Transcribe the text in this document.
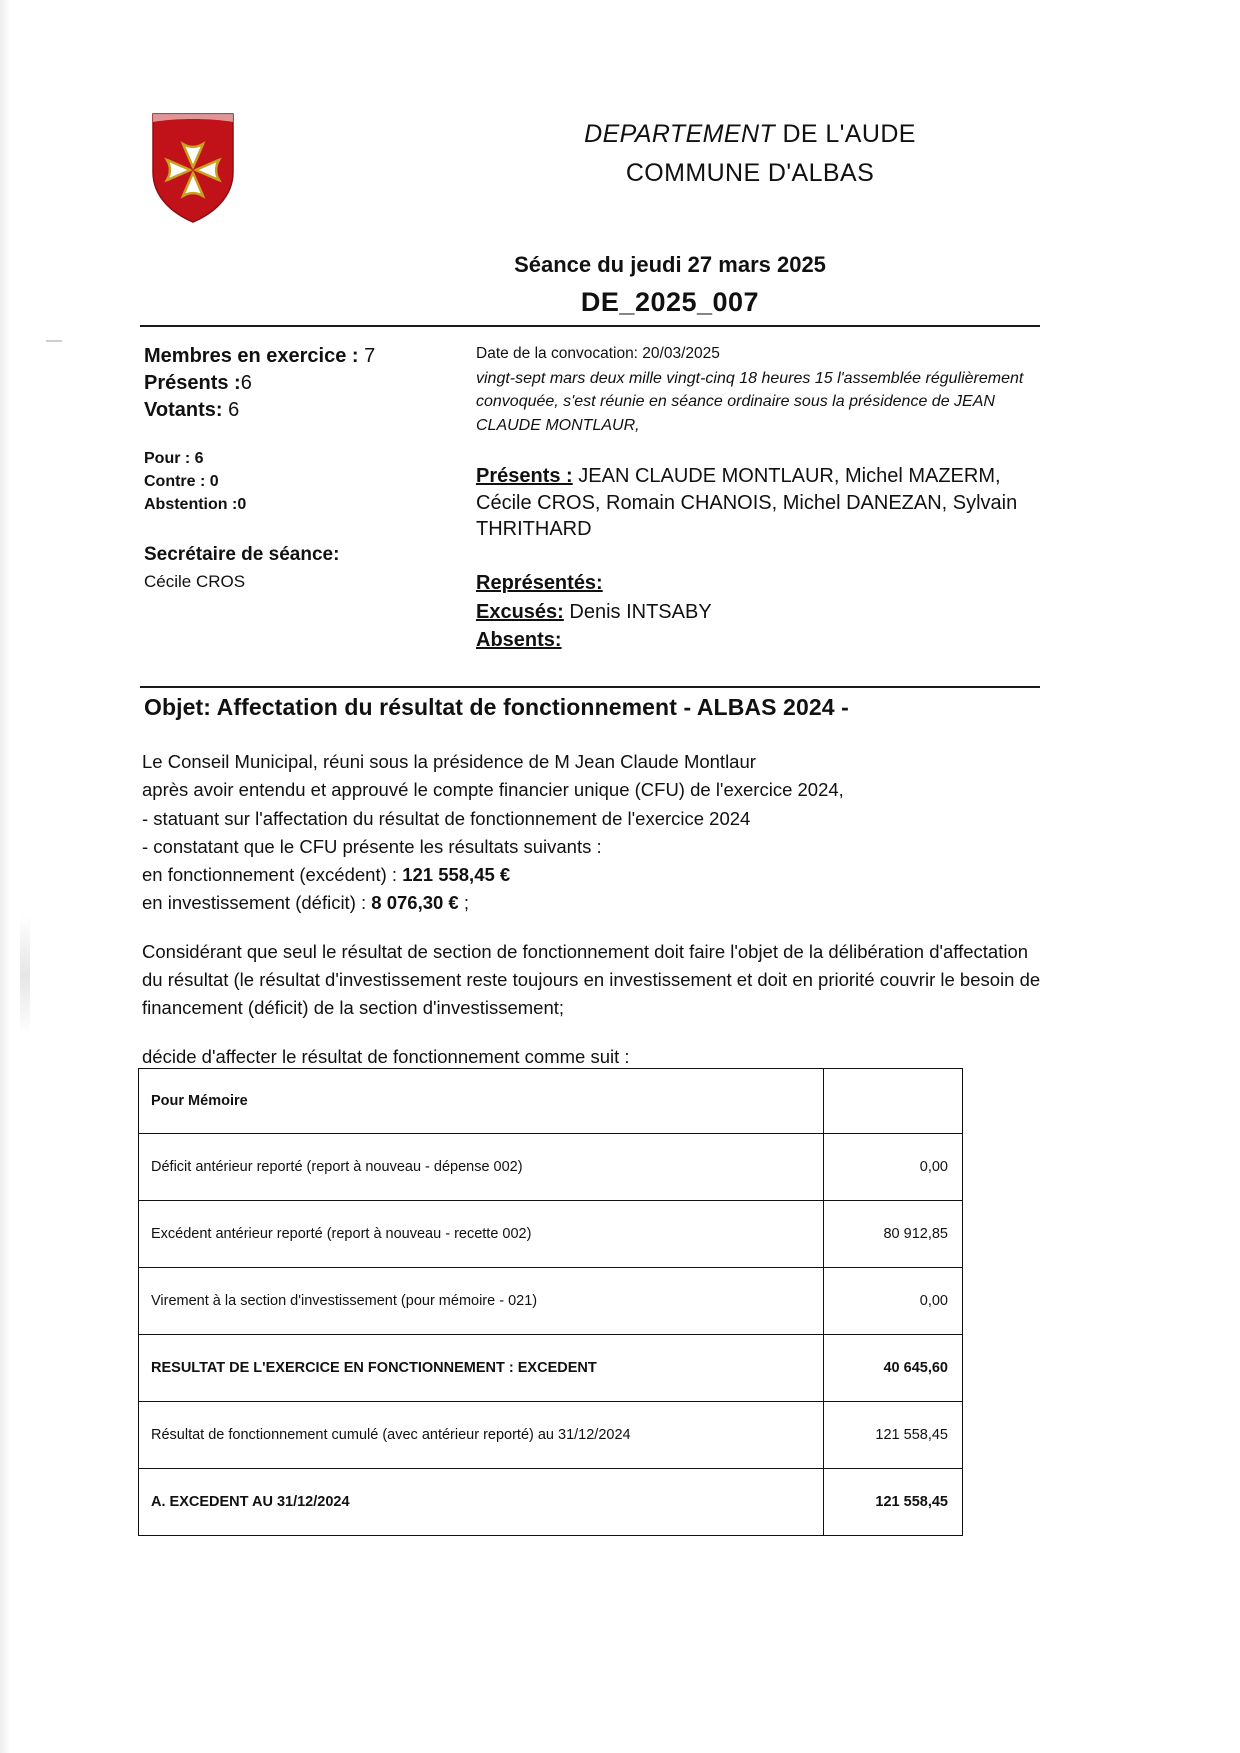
DEPARTEMENT DE L'AUDE
COMMUNE D'ALBAS
Séance du jeudi 27 mars 2025
DE_2025_007
Membres en exercice : 7
Présents :6
Votants: 6
Pour : 6
Contre : 0
Abstention :0
Secrétaire de séance:
Cécile CROS
Date de la convocation: 20/03/2025
vingt-sept mars deux mille vingt-cinq 18 heures 15 l'assemblée régulièrement convoquée, s'est réunie en séance ordinaire sous la présidence de JEAN CLAUDE MONTLAUR,
Présents : JEAN CLAUDE MONTLAUR, Michel MAZERM, Cécile CROS, Romain CHANOIS, Michel DANEZAN, Sylvain THRITHARD
Représentés:
Excusés: Denis INTSABY
Absents:
Objet: Affectation du résultat de fonctionnement - ALBAS 2024 -

Le Conseil Municipal, réuni sous la présidence de M Jean Claude Montlaur

après avoir entendu et approuvé le compte financier unique (CFU) de l'exercice 2024,

- statuant sur l'affectation du résultat de fonctionnement de l'exercice 2024

- constatant que le CFU présente les résultats suivants :

en fonctionnement (excédent) : 121 558,45 €

en investissement (déficit) : 8 076,30 € ;

Considérant que seul le résultat de section de fonctionnement doit faire l'objet de la délibération d'affectation du résultat (le résultat d'investissement reste toujours en investissement et doit en priorité couvrir le besoin de financement (déficit) de la section d'investissement;

décide d'affecter le résultat de fonctionnement comme suit :

Pour Mémoire	
Déficit antérieur reporté (report à nouveau - dépense 002)	0,00
Excédent antérieur reporté (report à nouveau - recette 002)	80 912,85
Virement à la section d'investissement (pour mémoire - 021)	0,00
RESULTAT DE L'EXERCICE EN FONCTIONNEMENT : EXCEDENT	40 645,60
Résultat de fonctionnement cumulé (avec antérieur reporté) au 31/12/2024	121 558,45
A. EXCEDENT AU 31/12/2024	121 558,45
